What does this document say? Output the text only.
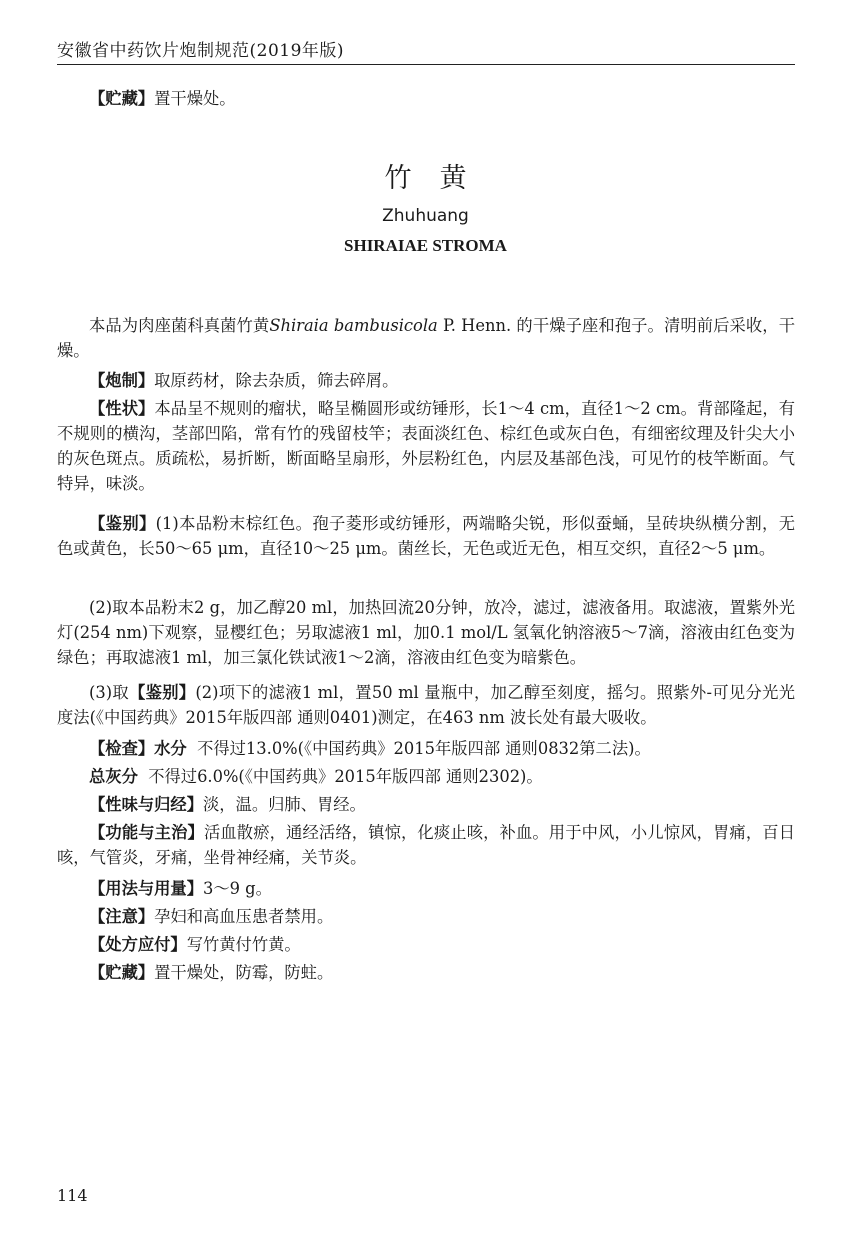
安徽省中药饮片炮制规范(2019年版)
【贮藏】置干燥处。
竹黄
Zhuhuang
SHIRAIAE STROMA
本品为肉座菌科真菌竹黄Shiraia bambusicola P. Henn. 的干燥子座和孢子。清明前后采收，干燥。
【炮制】取原药材，除去杂质，筛去碎屑。
【性状】本品呈不规则的瘤状，略呈椭圆形或纺锤形，长1～4 cm，直径1～2 cm。背部隆起，有不规则的横沟，茎部凹陷，常有竹的残留枝竿；表面淡红色、棕红色或灰白色，有细密纹理及针尖大小的灰色斑点。质疏松，易折断，断面略呈扇形，外层粉红色，内层及基部色浅，可见竹的枝竿断面。气特异，味淡。
【鉴别】(1)本品粉末棕红色。孢子菱形或纺锤形，两端略尖锐，形似蚕蛹，呈砖块纵横分割，无色或黄色，长50～65 μm，直径10～25 μm。菌丝长，无色或近无色，相互交织，直径2～5 μm。
(2)取本品粉末2 g，加乙醇20 ml，加热回流20分钟，放冷，滤过，滤液备用。取滤液，置紫外光灯(254 nm)下观察，显樱红色；另取滤液1 ml，加0.1 mol/L 氢氧化钠溶液5～7滴，溶液由红色变为绿色；再取滤液1 ml，加三氯化铁试液1～2滴，溶液由红色变为暗紫色。
(3)取【鉴别】(2)项下的滤液1 ml，置50 ml 量瓶中，加乙醇至刻度，摇匀。照紫外-可见分光光度法(《中国药典》2015年版四部 通则0401)测定，在463 nm 波长处有最大吸收。
【检查】水分 不得过13.0%(《中国药典》2015年版四部 通则0832第二法)。
总灰分 不得过6.0%(《中国药典》2015年版四部 通则2302)。
【性味与归经】淡，温。归肺、胃经。
【功能与主治】活血散瘀，通经活络，镇惊，化痰止咳，补血。用于中风，小儿惊风，胃痛，百日咳，气管炎，牙痛，坐骨神经痛，关节炎。
【用法与用量】3～9 g。
【注意】孕妇和高血压患者禁用。
【处方应付】写竹黄付竹黄。
【贮藏】置干燥处，防霉，防蛀。
114
